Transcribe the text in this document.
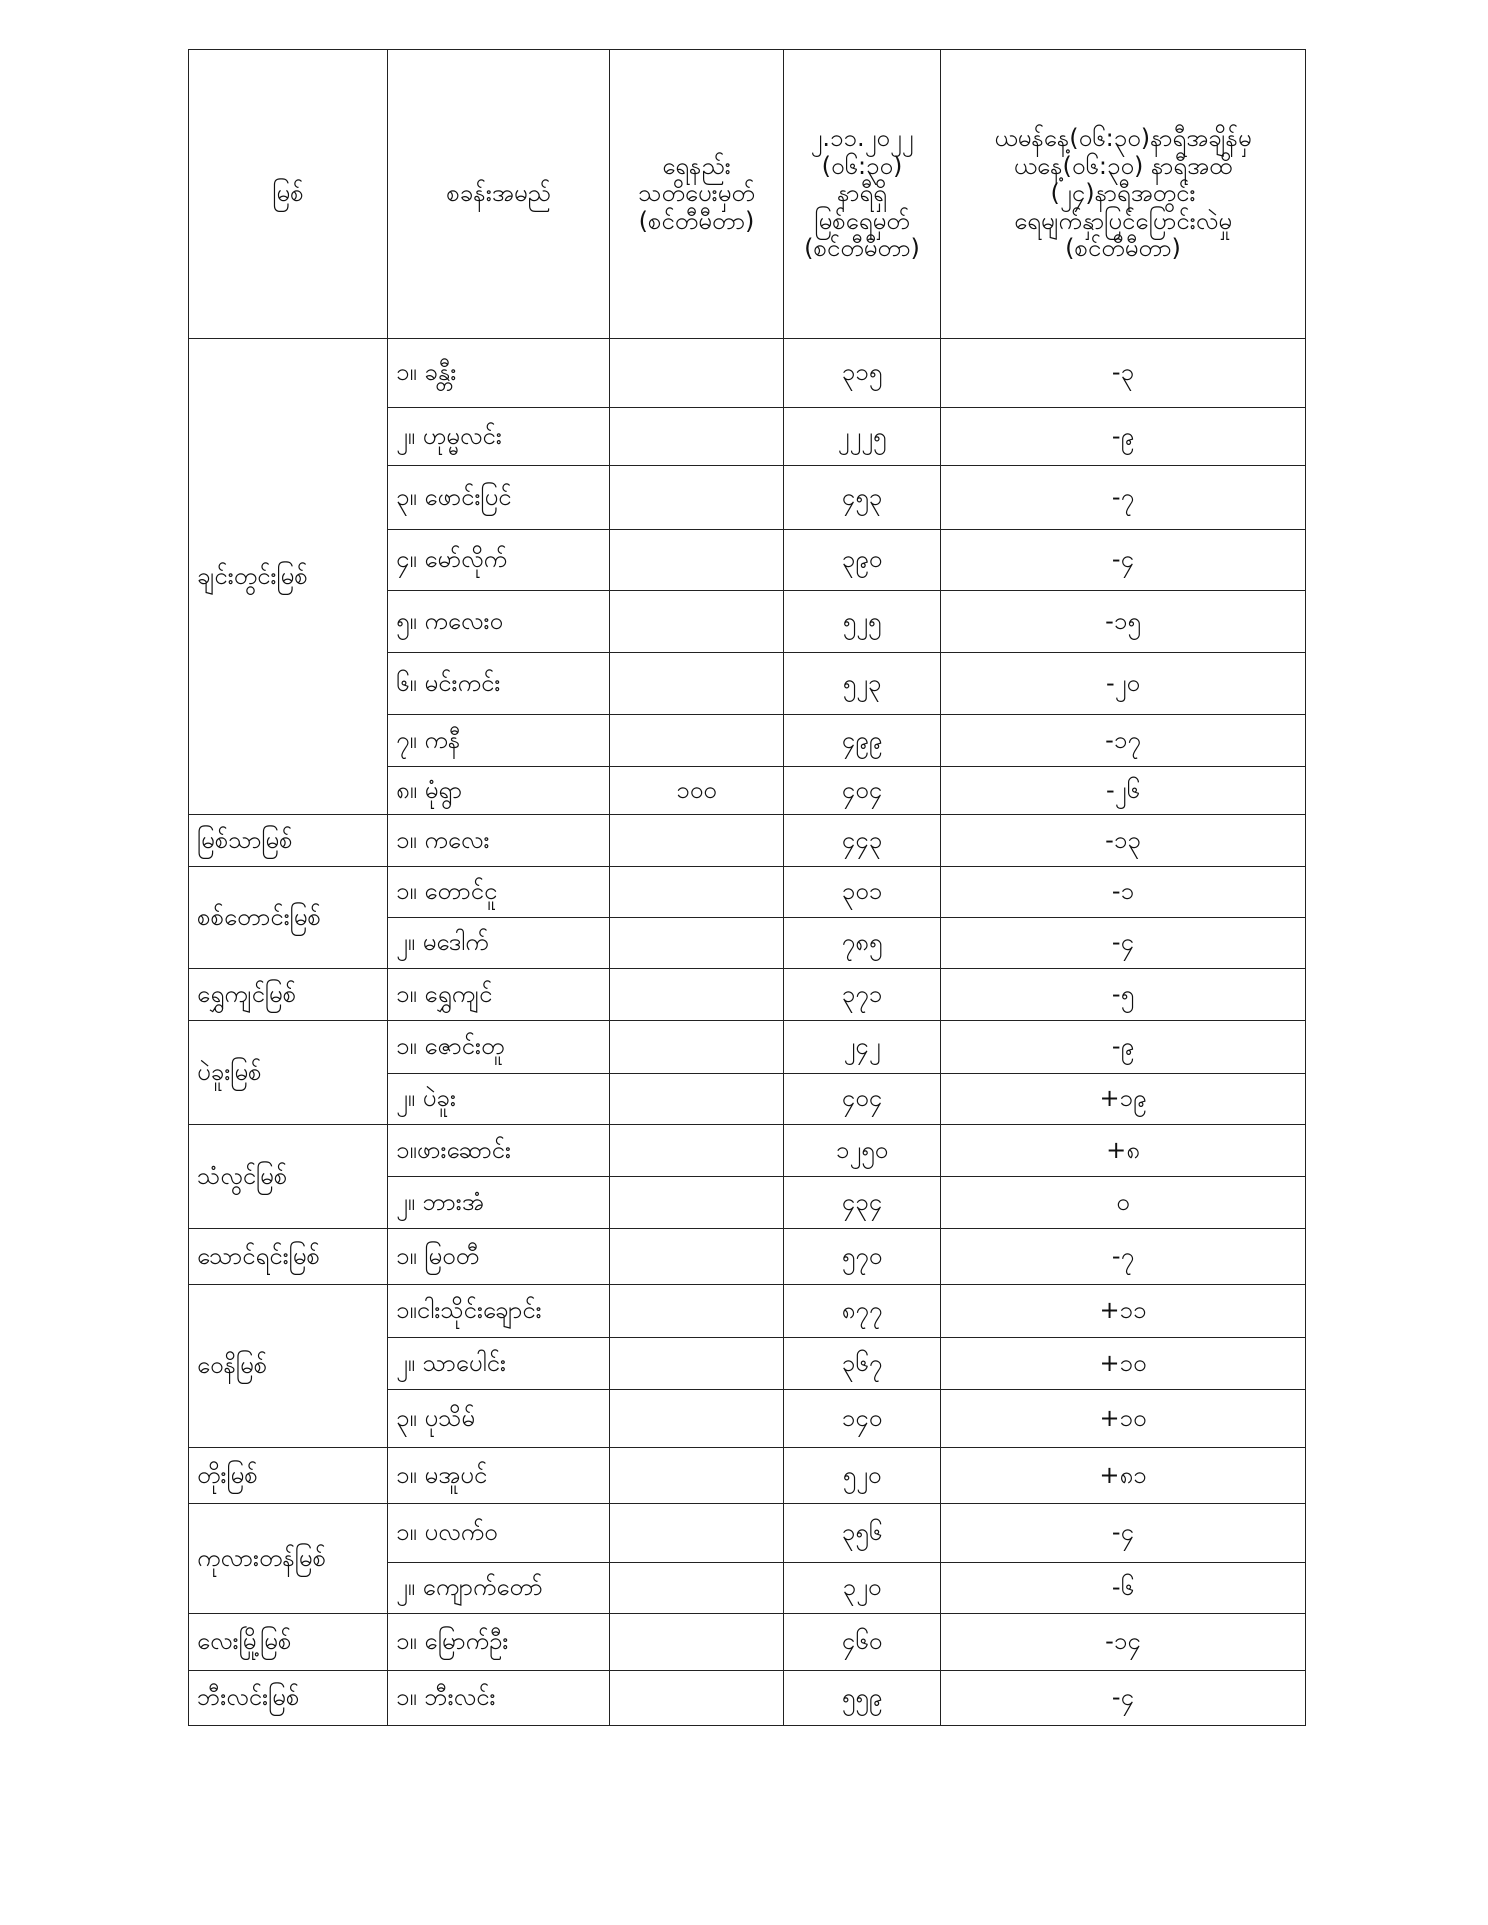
မြစ်	စခန်းအမည်	ရေနည်း
သတိပေးမှတ်
(စင်တီမီတာ)	၂.၁၁.၂၀၂၂
(၀၆:၃၀)
နာရီရှိ
မြစ်ရေမှတ်
(စင်တီမီတာ)	ယမန်နေ့(၀၆:၃၀)နာရီအချိန်မှ
ယနေ့(၀၆:၃၀) နာရီအထိ
(၂၄)နာရီအတွင်း
ရေမျက်နှာပြင်ပြောင်းလဲမှု
(စင်တီမီတာ)

ချင်းတွင်းမြစ်	၁။ ခန္တီး		၃၁၅	-၃
	၂။ ဟုမ္မလင်း		၂၂၂၅	-၉
	၃။ ဖောင်းပြင်		၄၅၃	-၇
	၄။ မော်လိုက်		၃၉၀	-၄
	၅။ ကလေးဝ		၅၂၅	-၁၅
	၆။ မင်းကင်း		၅၂၃	-၂၀
	၇။ ကနီ		၄၉၉	-၁၇
	၈။ မုံရွာ	၁၀၀	၄၀၄	-၂၆
မြစ်သာမြစ်	၁။ ကလေး		၄၄၃	-၁၃
စစ်တောင်းမြစ်	၁။ တောင်ငူ		၃၀၁	-၁
	၂။ မဒေါက်		၇၈၅	-၄
ရွှေကျင်မြစ်	၁။ ရွှေကျင်		၃၇၁	-၅
ပဲခူးမြစ်	၁။ ဇောင်းတူ		၂၄၂	-၉
	၂။ ပဲခူး		၄၀၄	+၁၉
သံလွင်မြစ်	၁။ဖားဆောင်း		၁၂၅၀	+၈
	၂။ ဘားအံ		၄၃၄	၀
သောင်ရင်းမြစ်	၁။ မြဝတီ		၅၇၀	-၇
ဝေနိမြစ်	၁။ငါးသိုင်းချောင်း		၈၇၇	+၁၁
	၂။ သာပေါင်း		၃၆၇	+၁၀
	၃။ ပုသိမ်		၁၄၀	+၁၀
တိုးမြစ်	၁။ မအူပင်		၅၂၀	+၈၁
ကုလားတန်မြစ်	၁။ ပလက်ဝ		၃၅၆	-၄
	၂။ ကျောက်တော်		၃၂၀	-၆
လေးမြို့မြစ်	၁။ မြောက်ဦး		၄၆၀	-၁၄
ဘီးလင်းမြစ်	၁။ ဘီးလင်း		၅၅၉	-၄
